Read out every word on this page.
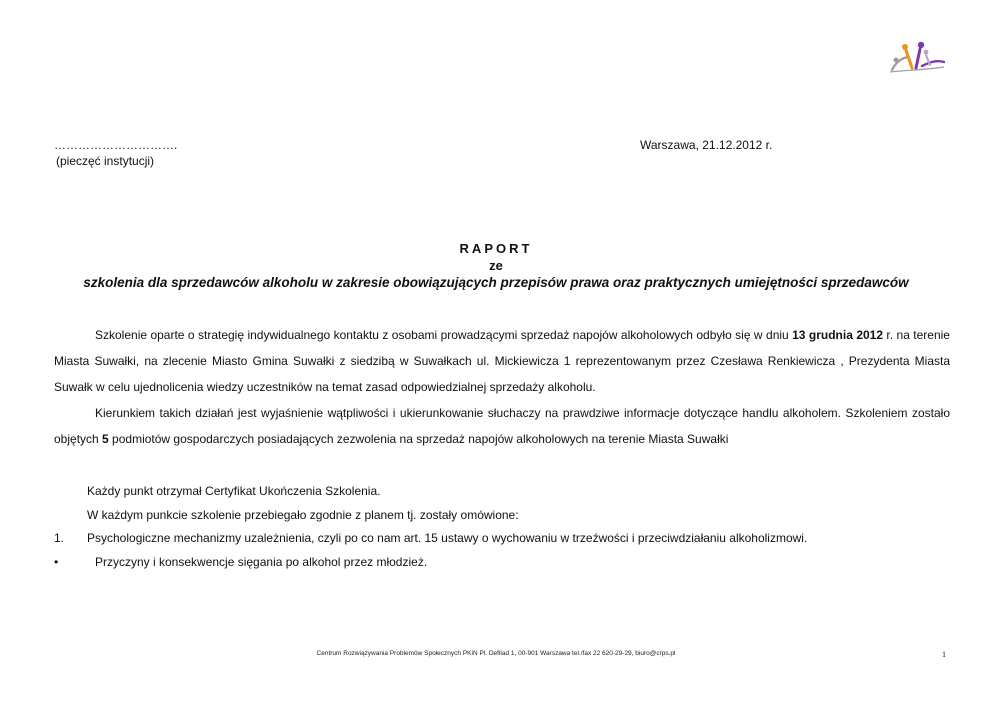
………………………….
(pieczęć instytucji)
Warszawa, 21.12.2012 r.
RAPORT
ze
szkolenia dla sprzedawców alkoholu w zakresie obowiązujących przepisów prawa oraz praktycznych umiejętności sprzedawców

Szkolenie oparte o strategię indywidualnego kontaktu z osobami prowadzącymi sprzedaż napojów alkoholowych odbyło się w dniu 13 grudnia 2012 r. na terenie Miasta Suwałki, na zlecenie Miasto Gmina Suwałki z siedzibą w Suwałkach ul. Mickiewicza 1 reprezentowanym przez Czesława Renkiewicza , Prezydenta Miasta Suwałk w celu ujednolicenia wiedzy uczestników na temat zasad odpowiedzialnej sprzedaży alkoholu.

Kierunkiem takich działań jest wyjaśnienie wątpliwości i ukierunkowanie słuchaczy na prawdziwe informacje dotyczące handlu alkoholem. Szkoleniem zostało objętych 5 podmiotów gospodarczych posiadających zezwolenia na sprzedaż napojów alkoholowych na terenie Miasta Suwałki

Każdy punkt otrzymał Certyfikat Ukończenia Szkolenia.
W każdym punkcie szkolenie przebiegało zgodnie z planem tj. zostały omówione:
1. Psychologiczne mechanizmy uzależnienia, czyli po co nam art. 15 ustawy o wychowaniu w trzeźwości i przeciwdziałaniu alkoholizmowi.
•	Przyczyny i konsekwencje sięgania po alkohol przez młodzież.
Centrum Rozwiązywania Problemów Społecznych PKiN Pl. Defilad 1, 00-901 Warszawa tel./fax 22 620-29-29, biuro@crps.pl	1
